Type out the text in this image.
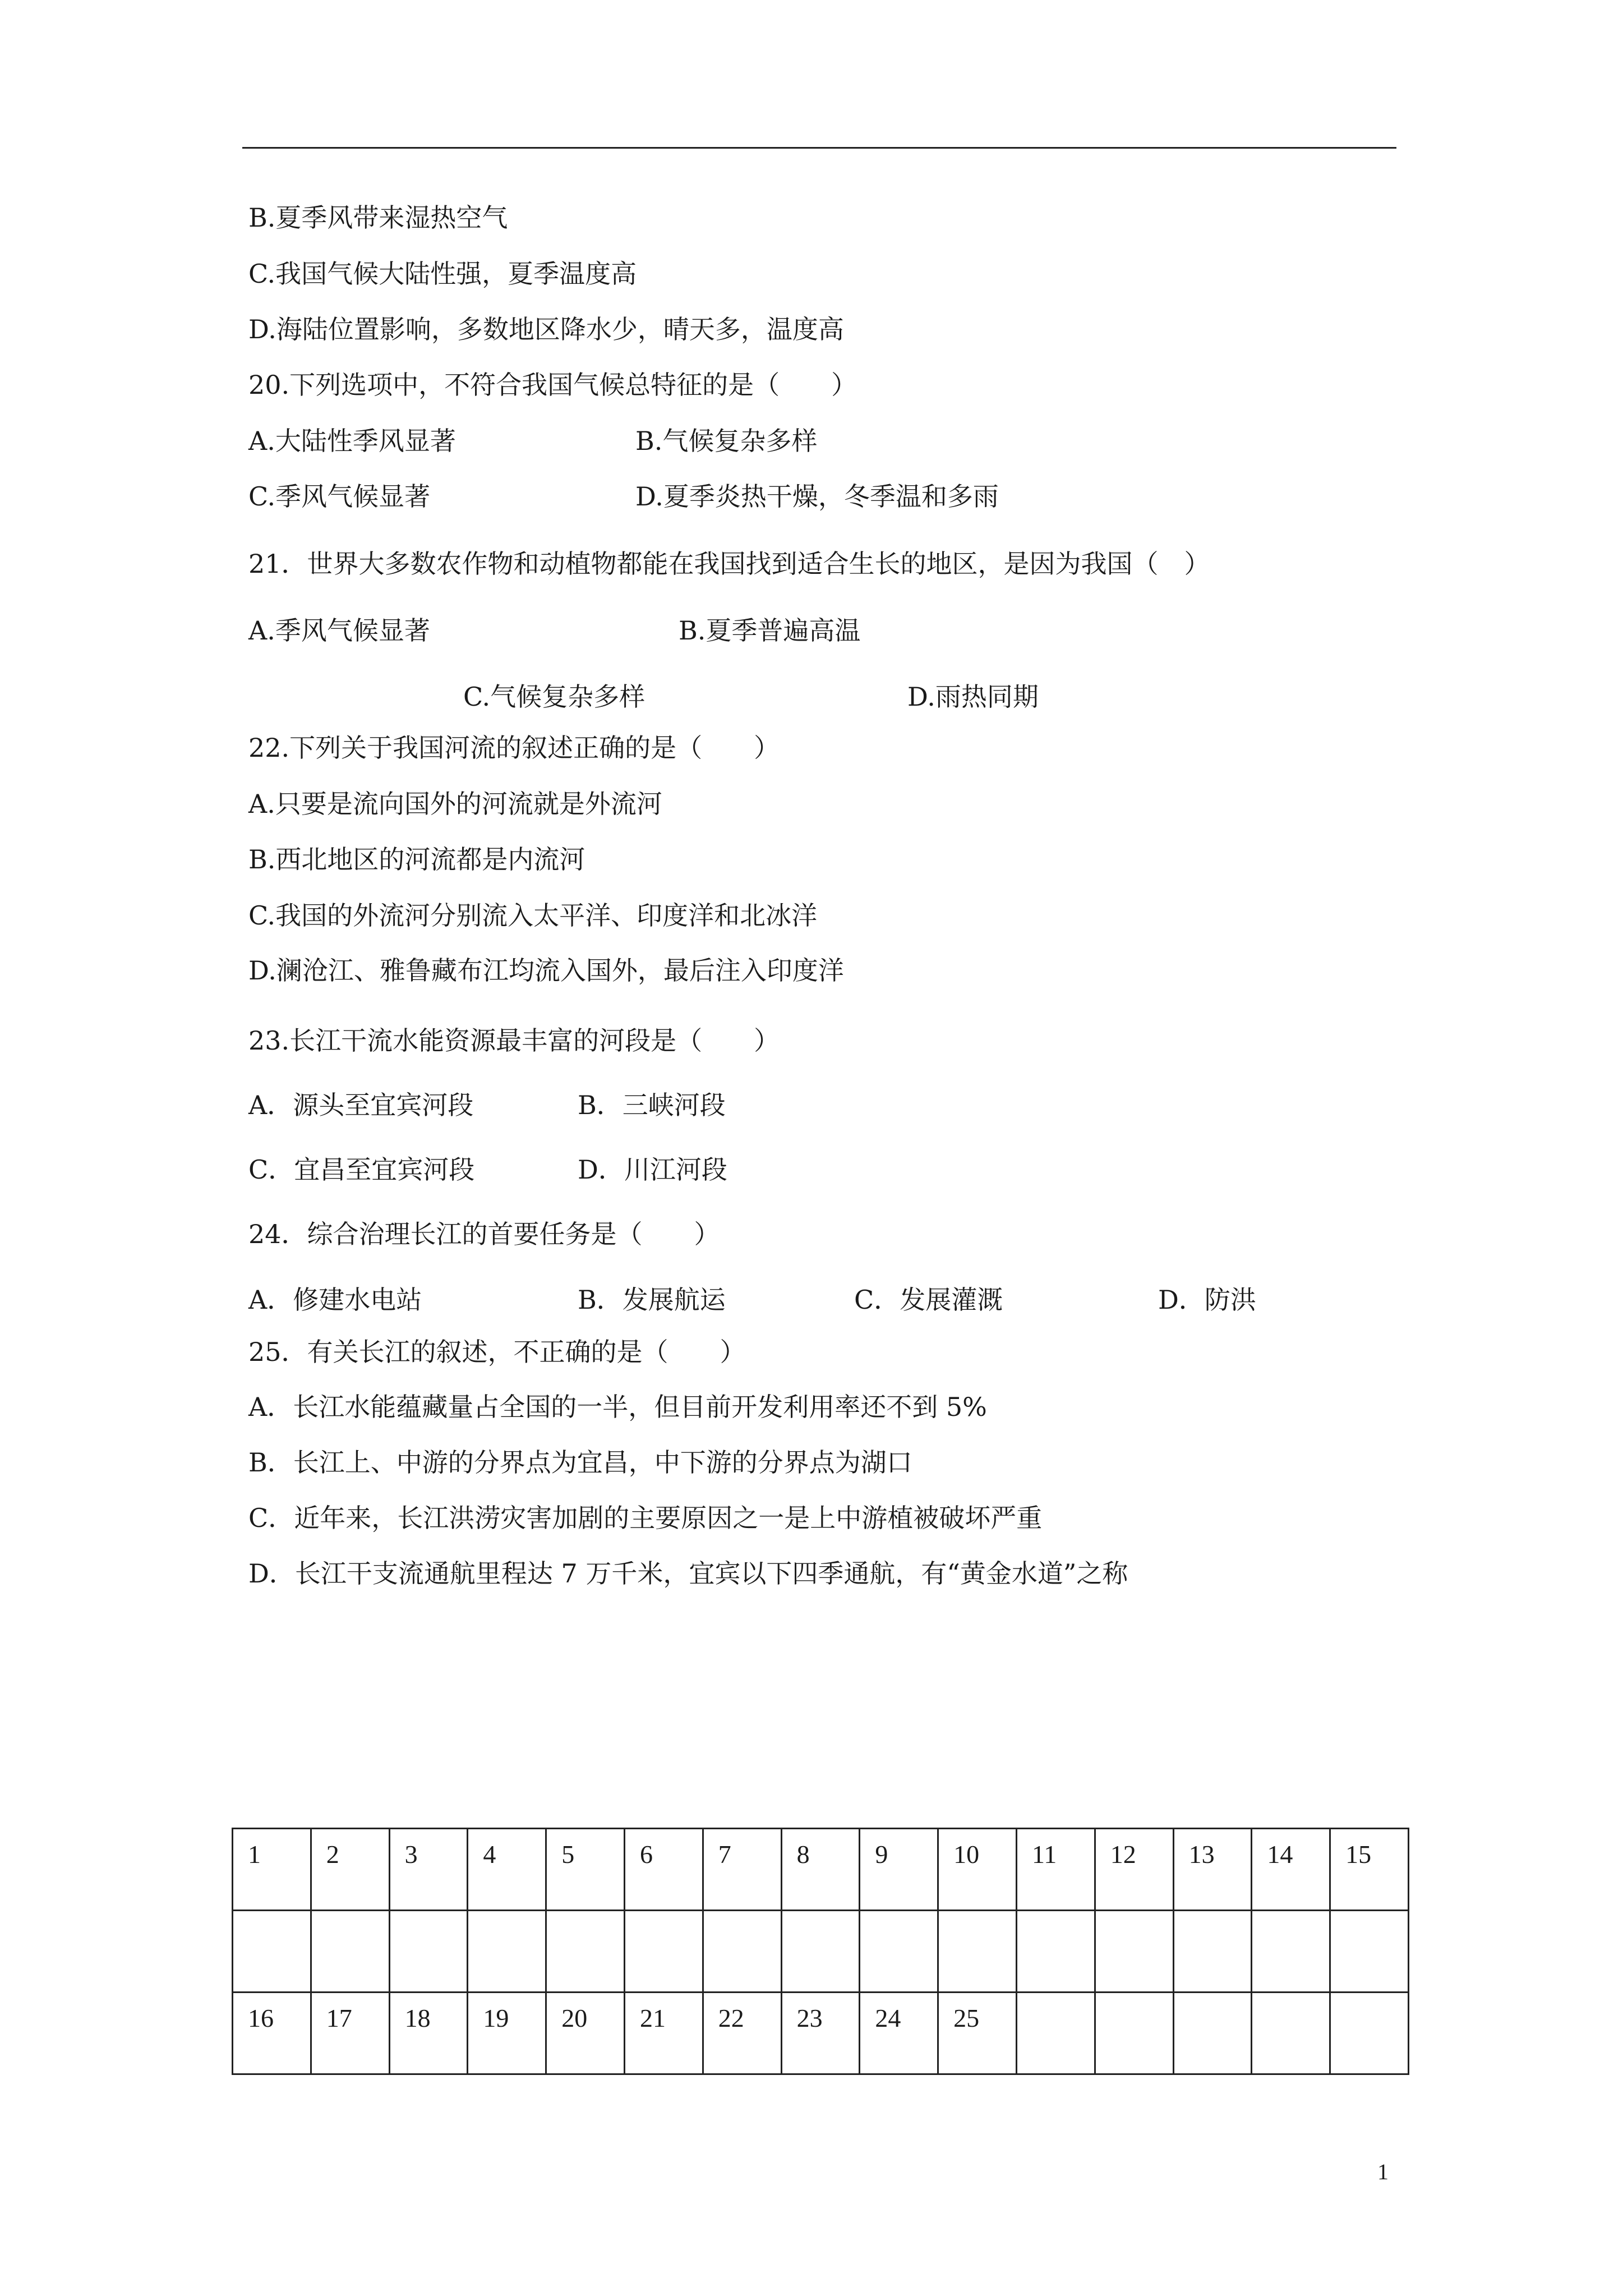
B.夏季风带来湿热空气
C.我国气候大陆性强，夏季温度高
D.海陆位置影响，多数地区降水少，晴天多，温度高
20.下列选项中，不符合我国气候总特征的是（　　）
A.大陆性季风显著	B.气候复杂多样
C.季风气候显著	D.夏季炎热干燥，冬季温和多雨
21．世界大多数农作物和动植物都能在我国找到适合生长的地区，是因为我国（　）
A.季风气候显著	B.夏季普遍高温
C.气候复杂多样	D.雨热同期
22.下列关于我国河流的叙述正确的是（　　）
A.只要是流向国外的河流就是外流河
B.西北地区的河流都是内流河
C.我国的外流河分别流入太平洋、印度洋和北冰洋
D.澜沧江、雅鲁藏布江均流入国外，最后注入印度洋
23.长江干流水能资源最丰富的河段是（　　）
A．源头至宜宾河段	B．三峡河段
C．宜昌至宜宾河段	D．川江河段
24．综合治理长江的首要任务是（　　）
A．修建水电站	B．发展航运	C．发展灌溉	D．防洪
25．有关长江的叙述，不正确的是（　　）
A．长江水能蕴藏量占全国的一半，但目前开发利用率还不到 5%
B．长江上、中游的分界点为宜昌，中下游的分界点为湖口
C．近年来，长江洪涝灾害加剧的主要原因之一是上中游植被破坏严重
D．长江干支流通航里程达 7 万千米，宜宾以下四季通航，有“黄金水道”之称
1	2	3	4	5	6	7	8	9	10	11	12	13	14	15

16	17	18	19	20	21	22	23	24	25					
1
